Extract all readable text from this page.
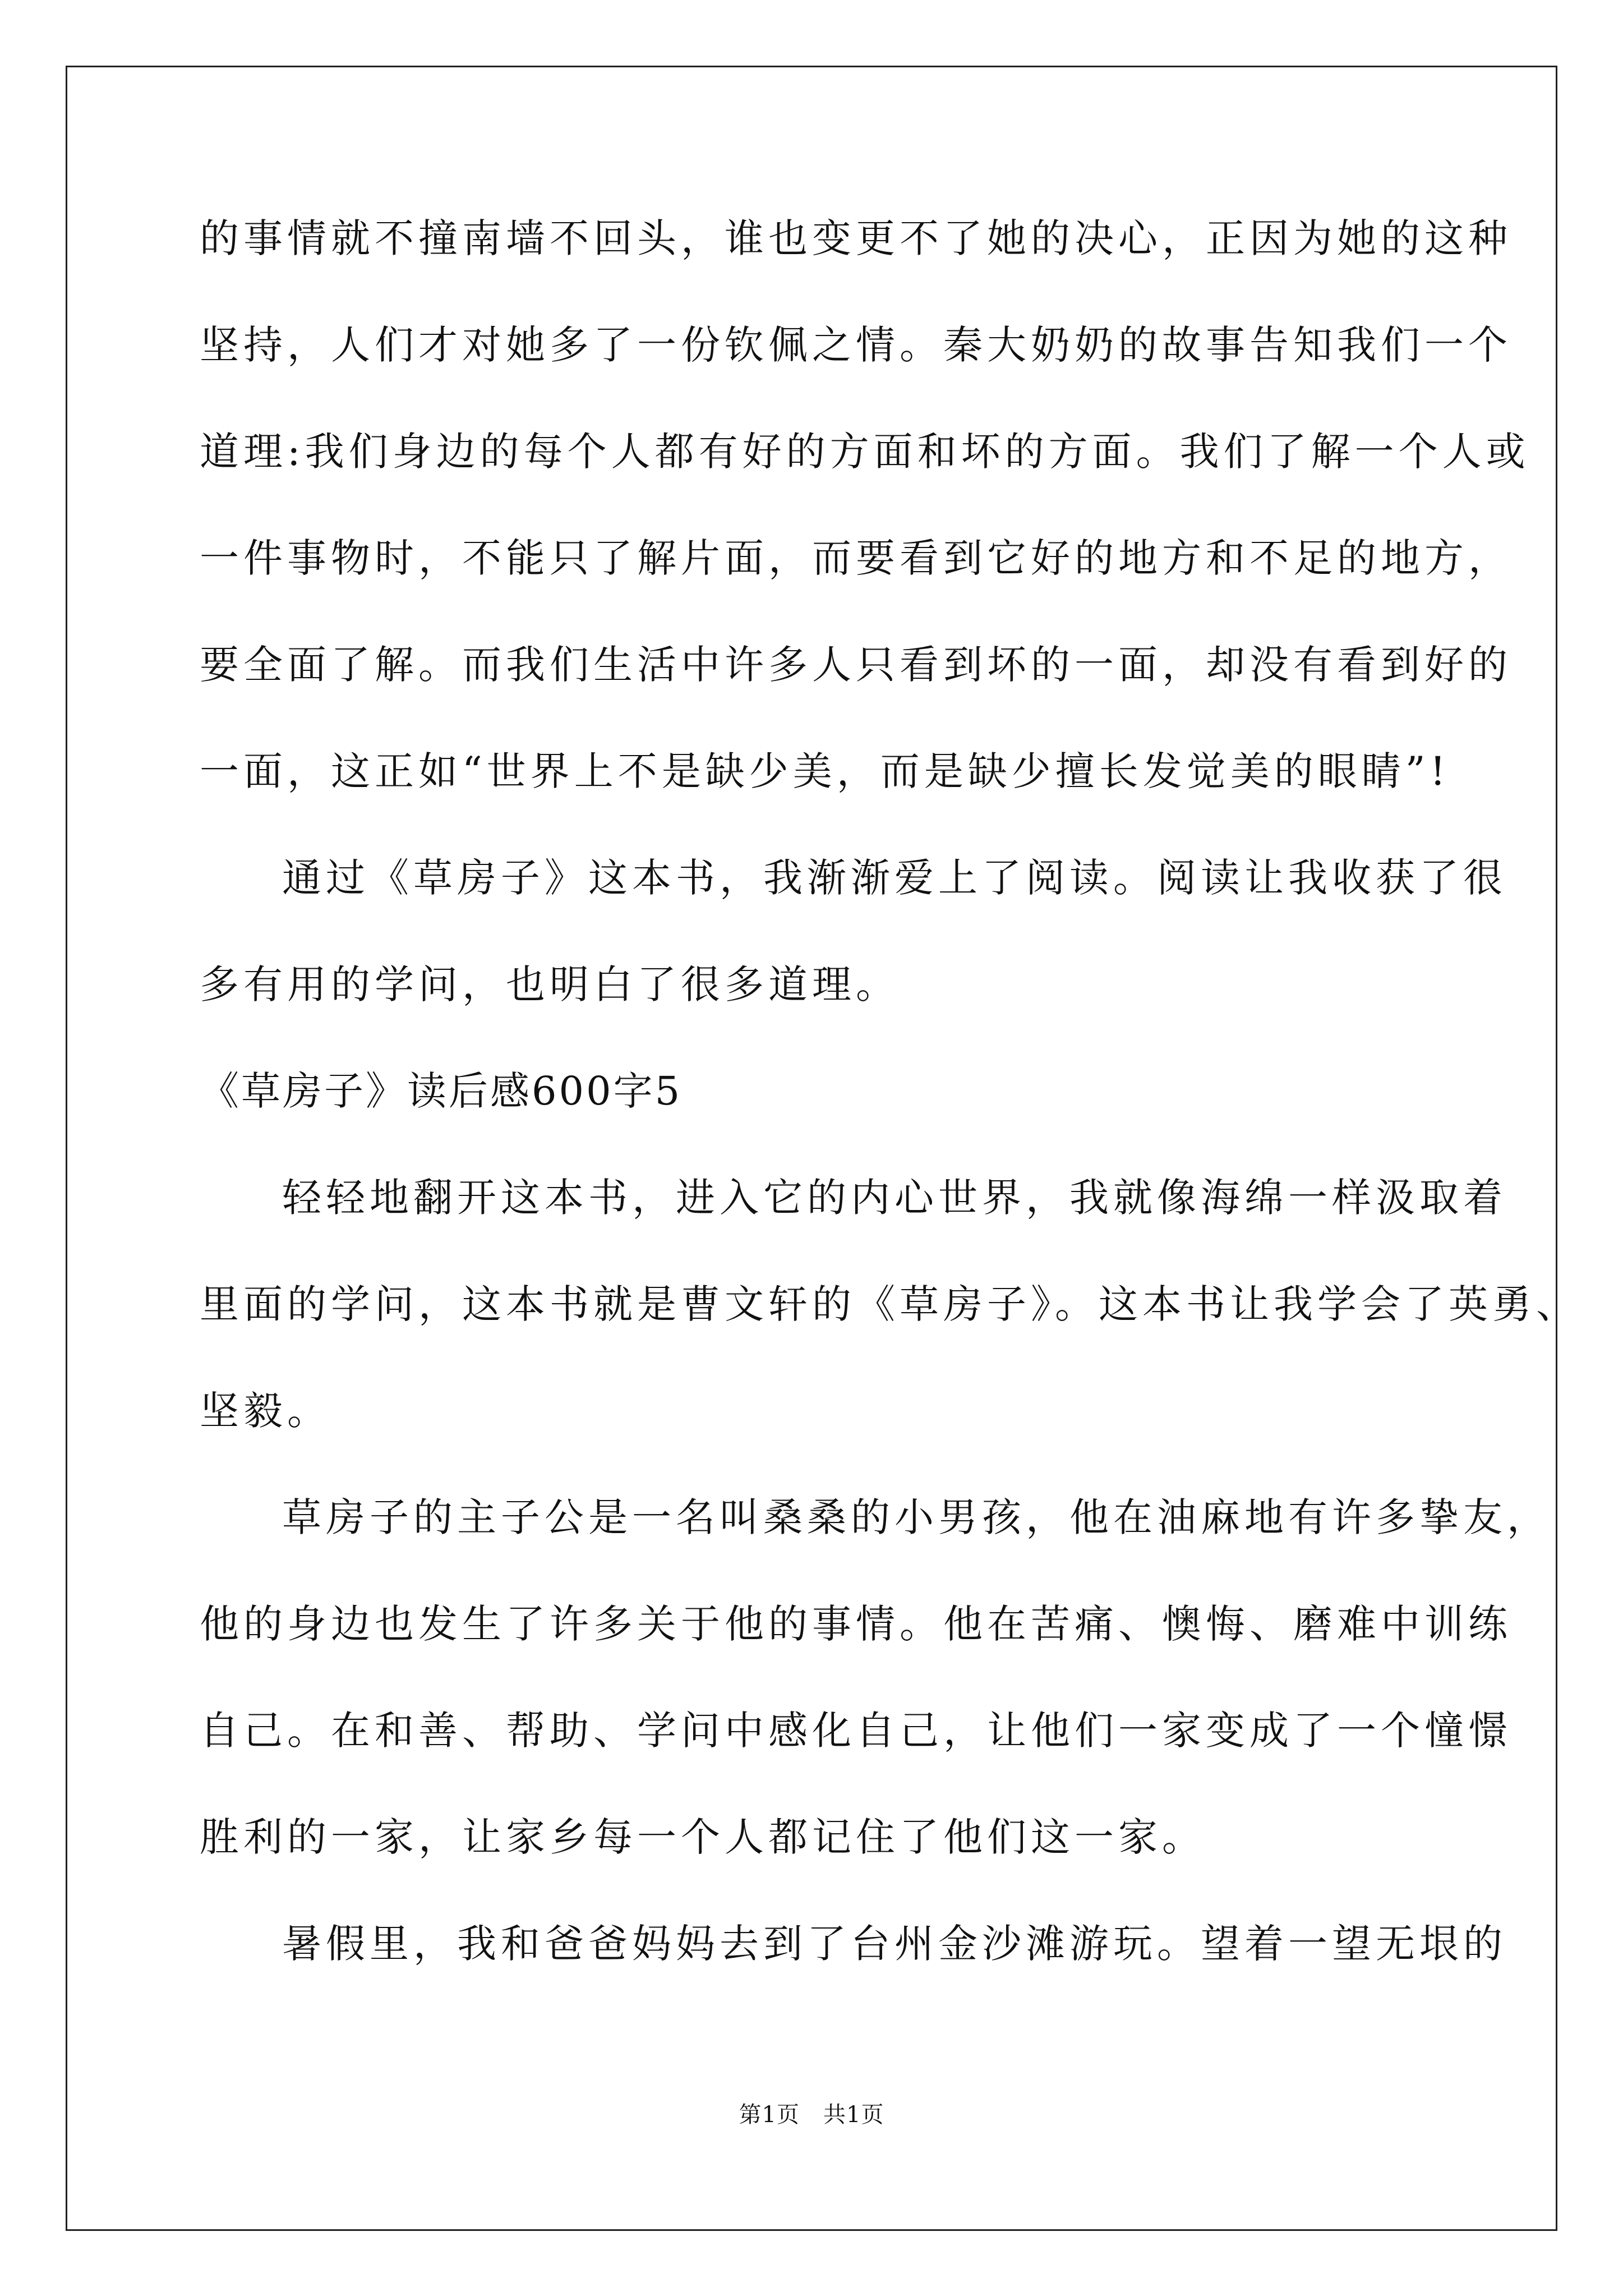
的事情就不撞南墙不回头，谁也变更不了她的决心，正因为她的这种
坚持，人们才对她多了一份钦佩之情。秦大奶奶的故事告知我们一个
道理:我们身边的每个人都有好的方面和坏的方面。我们了解一个人或
一件事物时，不能只了解片面，而要看到它好的地方和不足的地方，
要全面了解。而我们生活中许多人只看到坏的一面，却没有看到好的
一面，这正如“世界上不是缺少美，而是缺少擅长发觉美的眼睛”!
通过《草房子》这本书，我渐渐爱上了阅读。阅读让我收获了很
多有用的学问，也明白了很多道理。
《草房子》读后感600字5
轻轻地翻开这本书，进入它的内心世界，我就像海绵一样汲取着
里面的学问，这本书就是曹文轩的《草房子》。这本书让我学会了英勇、
坚毅。
草房子的主子公是一名叫桑桑的小男孩，他在油麻地有许多挚友，
他的身边也发生了许多关于他的事情。他在苦痛、懊悔、磨难中训练
自己。在和善、帮助、学问中感化自己，让他们一家变成了一个憧憬
胜利的一家，让家乡每一个人都记住了他们这一家。
暑假里，我和爸爸妈妈去到了台州金沙滩游玩。望着一望无垠的
第1页 共1页
